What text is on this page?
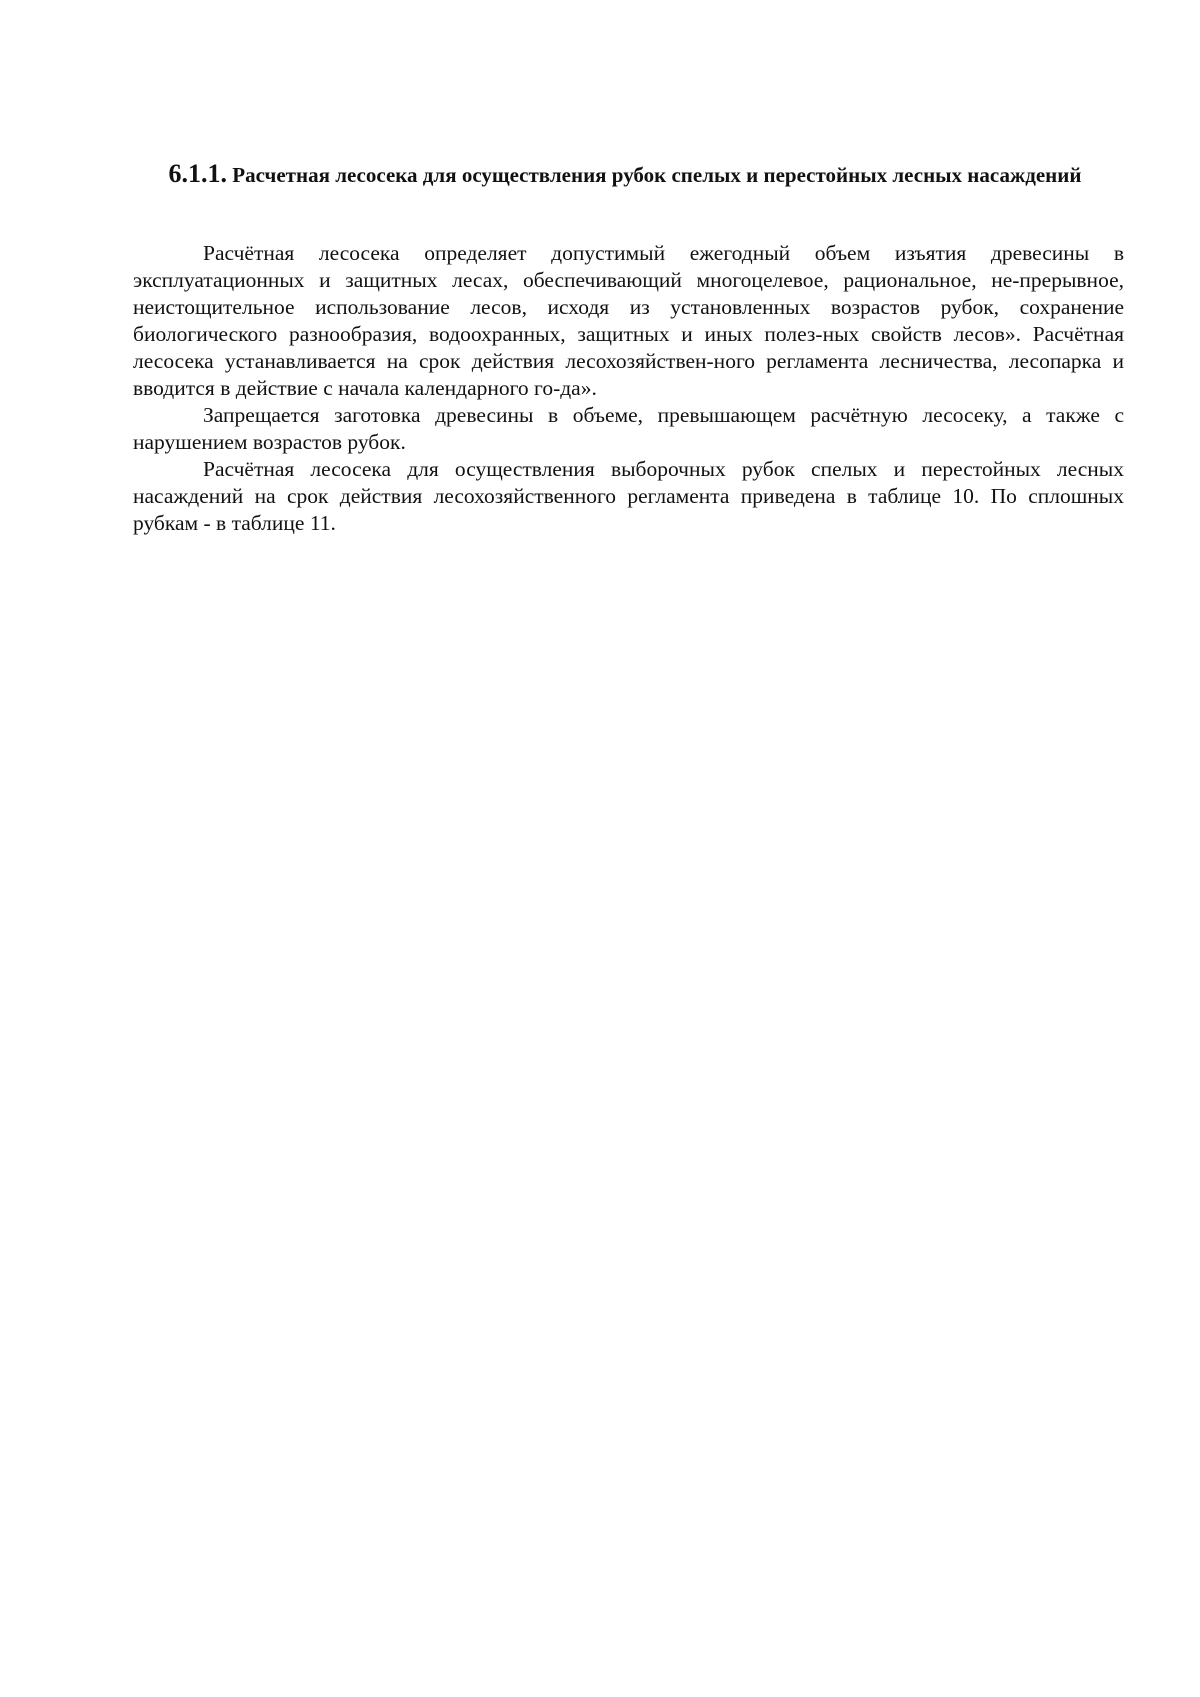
6.1.1. Расчетная лесосека для осуществления рубок спелых и перестойных лесных насаждений

Расчётная лесосека определяет допустимый ежегодный объем изъятия древесины в эксплуатационных и защитных лесах, обеспечивающий многоцелевое, рациональное, не-прерывное, неистощительное использование лесов, исходя из установленных возрастов рубок, сохранение биологического разнообразия, водоохранных, защитных и иных полез-ных свойств лесов». Расчётная лесосека устанавливается на срок действия лесохозяйствен-ного регламента лесничества, лесопарка и вводится в действие с начала календарного го-да».

Запрещается заготовка древесины в объеме, превышающем расчётную лесосеку, а также с нарушением возрастов рубок.

Расчётная лесосека для осуществления выборочных рубок спелых и перестойных лесных насаждений на срок действия лесохозяйственного регламента приведена в таблице 10. По сплошных рубкам - в таблице 11.
